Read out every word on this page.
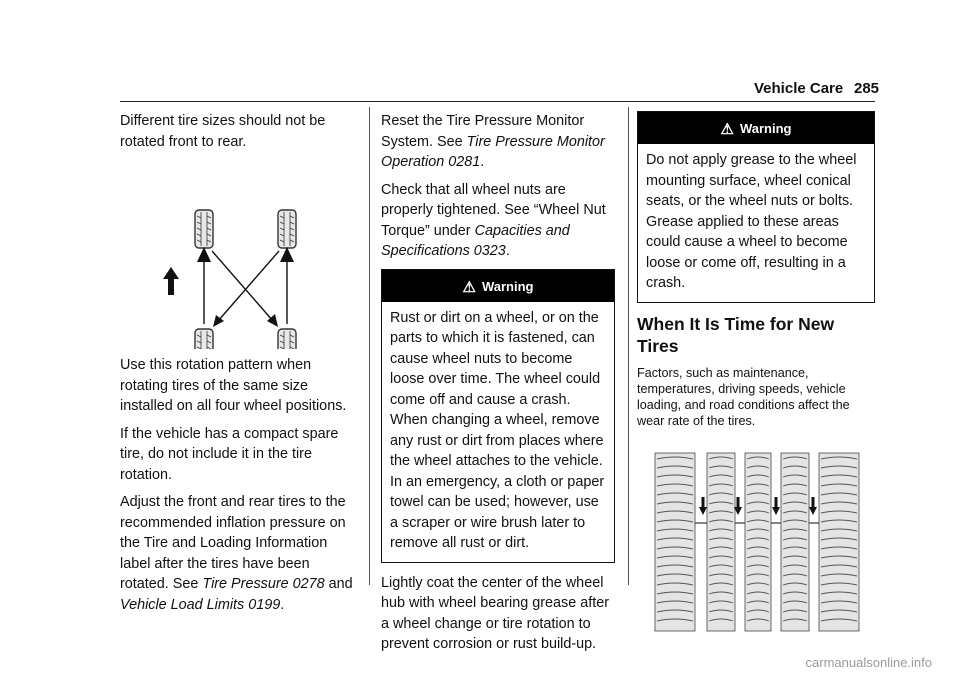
Vehicle Care 285

Different tire sizes should not be rotated front to rear.

Use this rotation pattern when rotating tires of the same size installed on all four wheel positions.

If the vehicle has a compact spare tire, do not include it in the tire rotation.

Adjust the front and rear tires to the recommended inflation pressure on the Tire and Loading Information label after the tires have been rotated. See Tire Pressure 0278 and Vehicle Load Limits 0199.

Reset the Tire Pressure Monitor System. See Tire Pressure Monitor Operation 0281.

Check that all wheel nuts are properly tightened. See “Wheel Nut Torque” under Capacities and Specifications 0323.

⚠ Warning
Rust or dirt on a wheel, or on the parts to which it is fastened, can cause wheel nuts to become loose over time. The wheel could come off and cause a crash. When changing a wheel, remove any rust or dirt from places where the wheel attaches to the vehicle. In an emergency, a cloth or paper towel can be used; however, use a scraper or wire brush later to remove all rust or dirt.

Lightly coat the center of the wheel hub with wheel bearing grease after a wheel change or tire rotation to prevent corrosion or rust build-up.

⚠ Warning
Do not apply grease to the wheel mounting surface, wheel conical seats, or the wheel nuts or bolts. Grease applied to these areas could cause a wheel to become loose or come off, resulting in a crash.
When It Is Time for New Tires

Factors, such as maintenance, temperatures, driving speeds, vehicle loading, and road conditions affect the wear rate of the tires.

carmanualsonline.info
